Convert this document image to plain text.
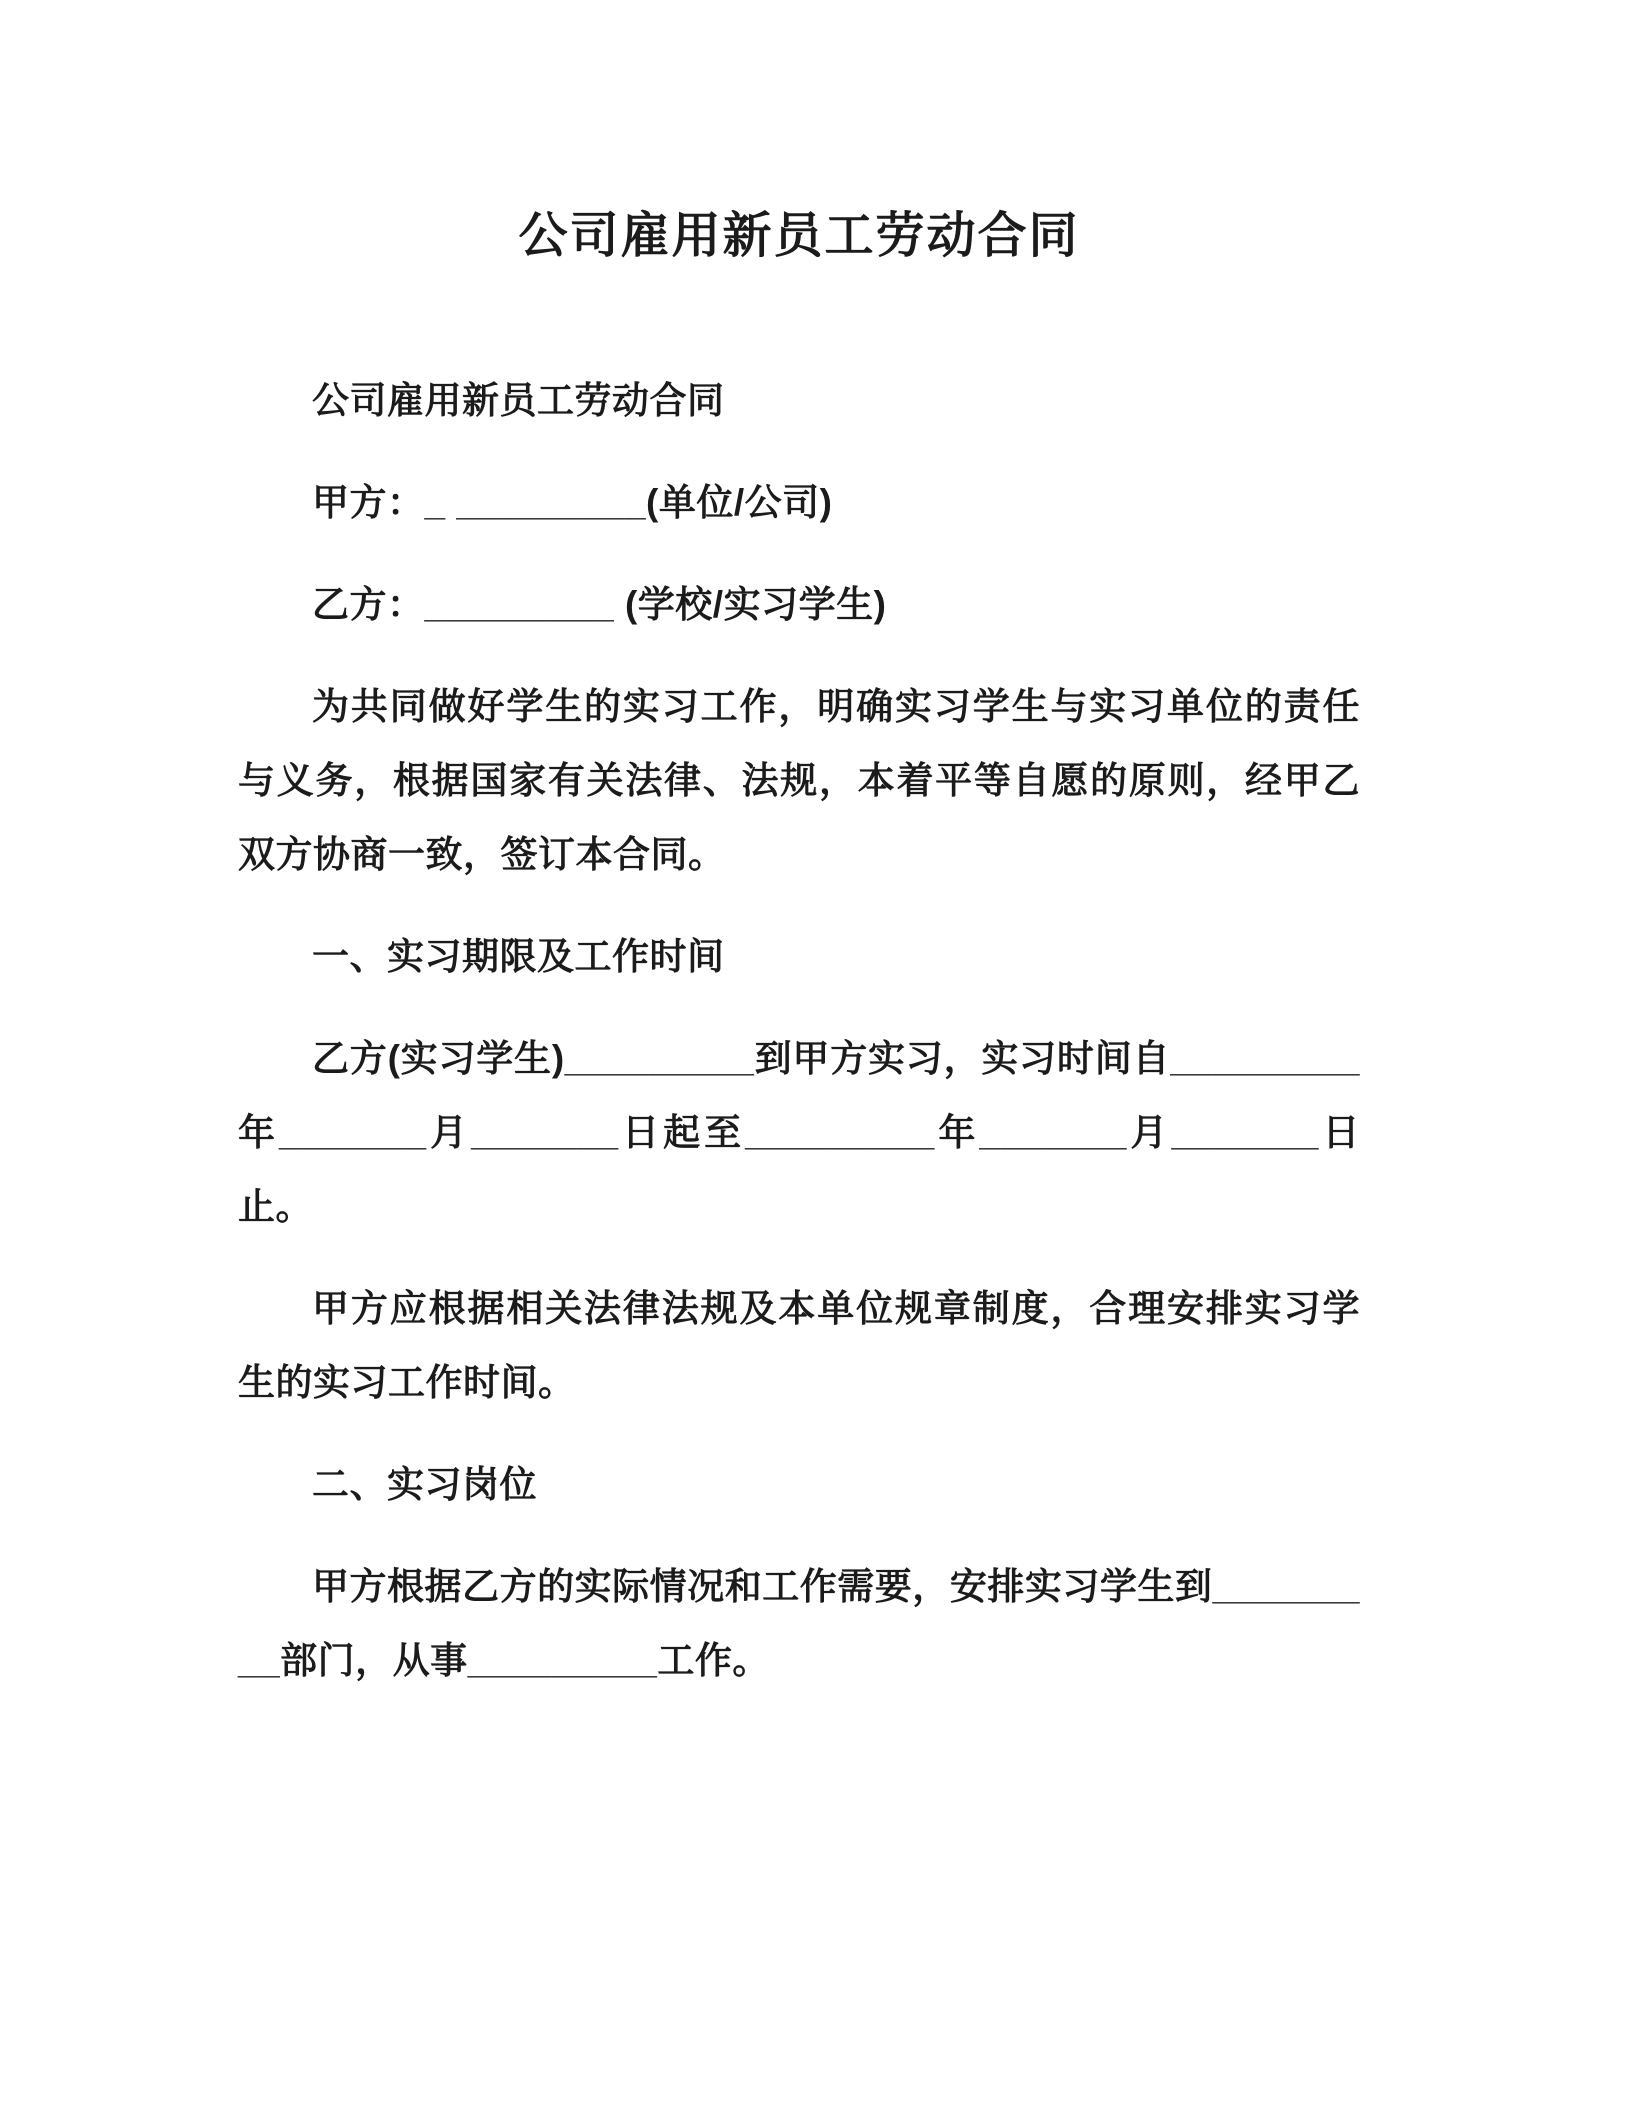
公司雇用新员工劳动合同

公司雇用新员工劳动合同

甲方：_ _________(单位/公司)

乙方：_________ (学校/实习学生)

为共同做好学生的实习工作，明确实习学生与实习单位的责任与义务，根据国家有关法律、法规，本着平等自愿的原则，经甲乙双方协商一致，签订本合同。

一、实习期限及工作时间

乙方(实习学生)_________到甲方实习，实习时间自_________年_______月_______日起至_________年_______月_______日止。

甲方应根据相关法律法规及本单位规章制度，合理安排实习学生的实习工作时间。

二、实习岗位

甲方根据乙方的实际情况和工作需要，安排实习学生到_________部门，从事_________工作。
